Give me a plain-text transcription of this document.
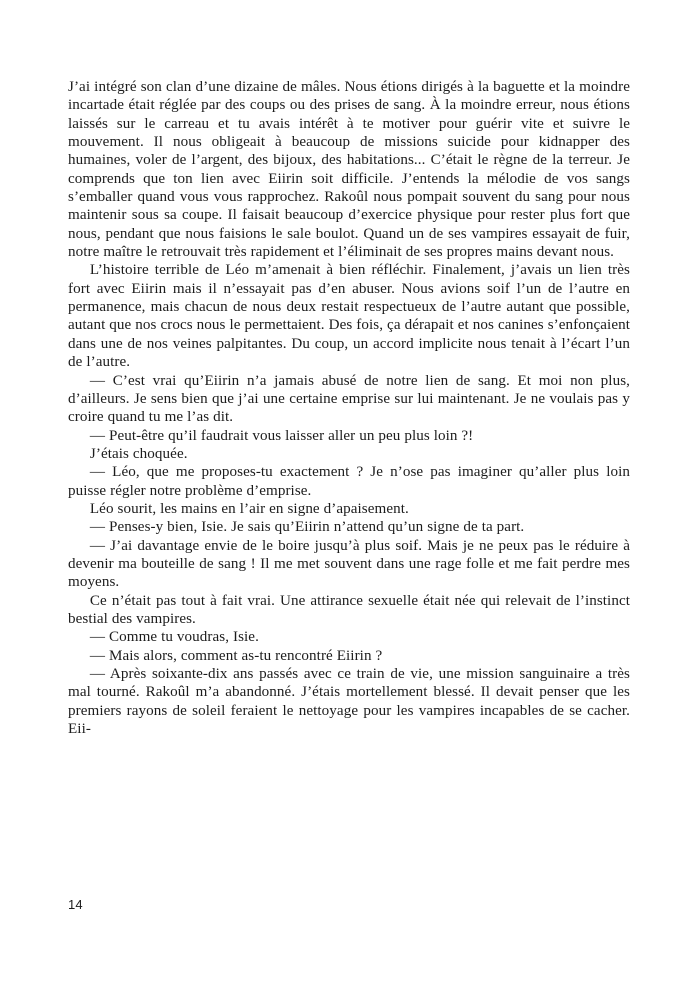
J’ai intégré son clan d’une dizaine de mâles. Nous étions dirigés à la baguette et la moindre incartade était réglée par des coups ou des prises de sang. À la moindre erreur, nous étions laissés sur le carreau et tu avais intérêt à te motiver pour guérir vite et suivre le mouvement. Il nous obligeait à beaucoup de missions suicide pour kidnapper des humaines, voler de l’argent, des bijoux, des habitations... C’était le règne de la terreur. Je comprends que ton lien avec Eiirin soit difficile. J’entends la mélodie de vos sangs s’emballer quand vous vous rapprochez. Rakoûl nous pompait souvent du sang pour nous maintenir sous sa coupe. Il faisait beaucoup d’exercice physique pour rester plus fort que nous, pendant que nous faisions le sale boulot. Quand un de ses vampires essayait de fuir, notre maître le retrouvait très rapidement et l’éliminait de ses propres mains devant nous.

L’histoire terrible de Léo m’amenait à bien réfléchir. Finalement, j’avais un lien très fort avec Eiirin mais il n’essayait pas d’en abuser. Nous avions soif l’un de l’autre en permanence, mais chacun de nous deux restait respectueux de l’autre autant que possible, autant que nos crocs nous le permettaient. Des fois, ça dérapait et nos canines s’enfonçaient dans une de nos veines palpitantes. Du coup, un accord implicite nous tenait à l’écart l’un de l’autre.

— C’est vrai qu’Eiirin n’a jamais abusé de notre lien de sang. Et moi non plus, d’ailleurs. Je sens bien que j’ai une certaine emprise sur lui maintenant. Je ne voulais pas y croire quand tu me l’as dit.

— Peut-être qu’il faudrait vous laisser aller un peu plus loin ?!

J’étais choquée.

— Léo, que me proposes-tu exactement ? Je n’ose pas imaginer qu’aller plus loin puisse régler notre problème d’emprise.

Léo sourit, les mains en l’air en signe d’apaisement.

— Penses-y bien, Isie. Je sais qu’Eiirin n’attend qu’un signe de ta part.

— J’ai davantage envie de le boire jusqu’à plus soif. Mais je ne peux pas le réduire à devenir ma bouteille de sang ! Il me met souvent dans une rage folle et me fait perdre mes moyens.

Ce n’était pas tout à fait vrai. Une attirance sexuelle était née qui relevait de l’instinct bestial des vampires.

— Comme tu voudras, Isie.

— Mais alors, comment as-tu rencontré Eiirin ?

— Après soixante-dix ans passés avec ce train de vie, une mission sanguinaire a très mal tourné. Rakoûl m’a abandonné. J’étais mortellement blessé. Il devait penser que les premiers rayons de soleil feraient le nettoyage pour les vampires incapables de se cacher. Eii-

14
